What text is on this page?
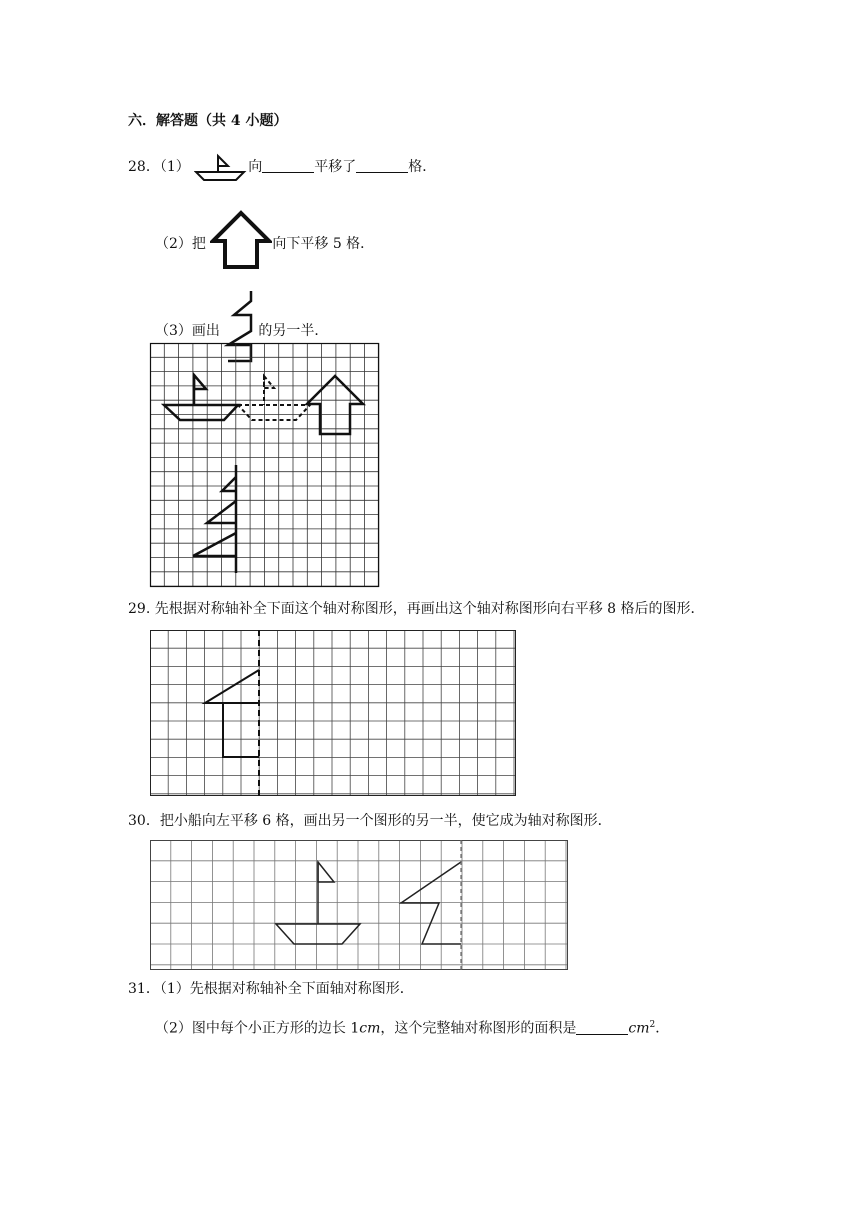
六．解答题（共 4 小题）
28．（1）	向	平移了	格．
（2）把	向下平移 5 格．
（3）画出	的另一半．
29. 先根据对称轴补全下面这个轴对称图形，再画出这个轴对称图形向右平移 8 格后的图形．
30．把小船向左平移 6 格，画出另一个图形的另一半，使它成为轴对称图形．
31．（1）先根据对称轴补全下面轴对称图形．
（2）图中每个小正方形的边长 1cm，这个完整轴对称图形的面积是	$cm^2$．
